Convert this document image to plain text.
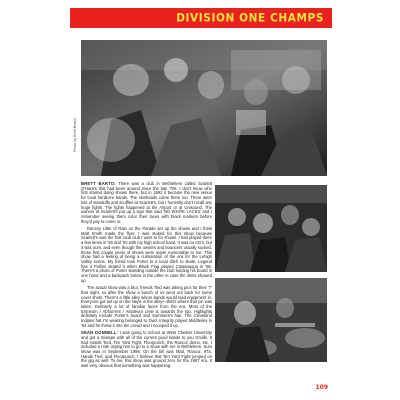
DIVISION ONE CHAMPS
Photo by Brett Beach

BRETT BARTO: There was a club in Bethlehem called Scarlett O'Hara's that had been around since the late '70s. I don't know who first started doing shows there, but in 1992 it became the new venue for local hardcore bands. The skinheads came there too. There were lots of standoffs and scuffles at Scarlett's, but I honestly don't recall any huge fights. The fights happened at the Airport or at Unisound. The owners at Scarlett's put up a sign that said 'NO WHITE LACES' and I remember seeing them color their laces with black markers before they'd pay to come in.

Rancey Little of Rain on the Parade set up the shows and I think Matt Smith made the flyer. I was stoked for this show because Scarlett's was the first local club I went to for shows. I had played there a few times in '90 and '92 with my high school band. It was no CB's, but it was ours, and even though the owners and bouncers usually sucked, those first couple years of shows were super memorable to me. This show had a feeling of being a culmination of the era for the Lehigh Valley scene. My friend took Porter to a local ditch to skate. Legend has it Pollins skated it when Black Flag played Catasauqua in '85. There's a photo of Porter standing outside the club holding his board in one hand and a backpack below in the other in case the skins showed up.

The actual show was a blur, friends Tied was taking pics for their 7" that night, so after the show a bunch of us went out back for some cover shots. There's a little alley where bands would load equipment in. Everyone got set up on the steps in the alley—that's where that pic was taken. Definitely a lot of familiar faces from the era. Most of the Enmeum / Abhorrent / Astoleum crew is towards the top. Highlights definitely include Porter's board and Summers's hair. The Cleveland Indians hat I'm wearing belonged to Dvid. Integrity played Middlesex in '94 and he threw it into the crowd and I scooped it up.

SEAN DONNELL: I was going to school at West Chester University and got a mixtape with all of the current good bands to you Orville. It had Hands Tied, Ten Yard Fight, Floorpunch, the Rancor demo, etc. I included a note urging him to go to a show with me in Bethlehem. Sum show was in September 1996. On the bill was Mad, Rancor, 97a, Hands Tied, and Floorpunch. I believe that Ten Yard Fight jumped on the gig as well. To me, this show was ground zero for the 1997 era. It was very obvious that something was happening.

109
